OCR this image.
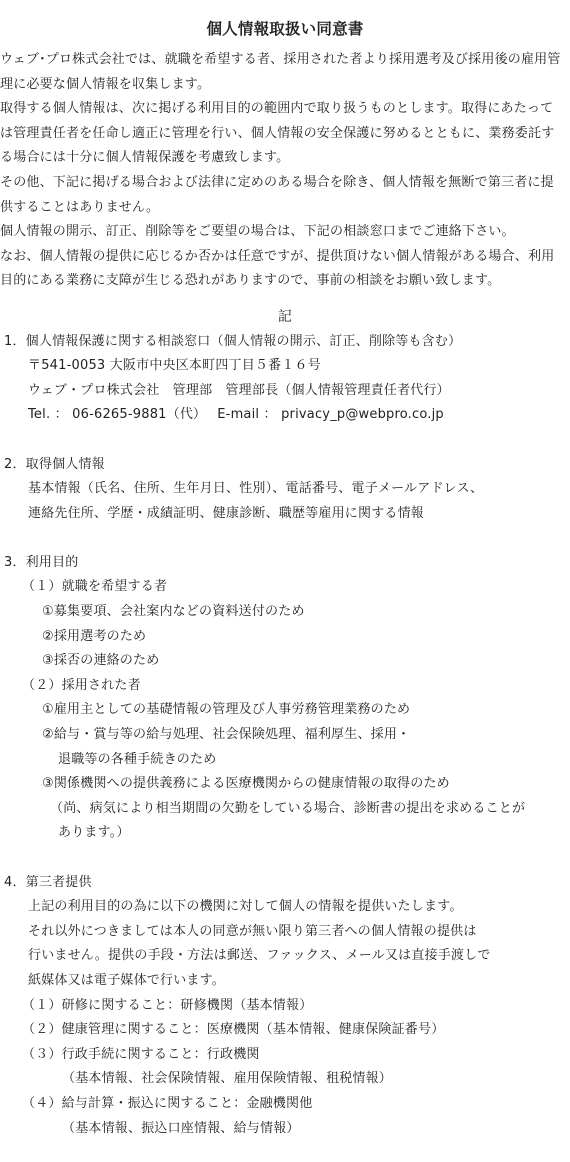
個人情報取扱い同意書

ウェブ･プロ株式会社では、就職を希望する者、採用された者より採用選考及び採用後の雇用管理に必要な個人情報を収集します。

取得する個人情報は、次に掲げる利用目的の範囲内で取り扱うものとします。取得にあたっては管理責任者を任命し適正に管理を行い、個人情報の安全保護に努めるとともに、業務委託する場合には十分に個人情報保護を考慮致します。

その他、下記に掲げる場合および法律に定めのある場合を除き、個人情報を無断で第三者に提供することはありません。

個人情報の開示、訂正、削除等をご要望の場合は、下記の相談窓口までご連絡下さい。

なお、個人情報の提供に応じるか否かは任意ですが、提供頂けない個人情報がある場合、利用目的にある業務に支障が生じる恐れがありますので、事前の相談をお願い致します。

記
1．個人情報保護に関する相談窓口（個人情報の開示、訂正、削除等も含む）
〒541-0053 大阪市中央区本町四丁目５番１６号
ウェブ・プロ株式会社　管理部　管理部長（個人情報管理責任者代行）
Tel. ： 06-6265-9881（代）　 E-mail ： privacy_p@webpro.co.jp
2．取得個人情報
基本情報（氏名、住所、生年月日、性別）、電話番号、電子メールアドレス、
連絡先住所、学歴・成績証明、健康診断、職歴等雇用に関する情報
3．利用目的
（１）就職を希望する者
①募集要項、会社案内などの資料送付のため
②採用選考のため
③採否の連絡のため
（２）採用された者
①雇用主としての基礎情報の管理及び人事労務管理業務のため
②給与・賞与等の給与処理、社会保険処理、福利厚生、採用・
退職等の各種手続きのため
③関係機関への提供義務による医療機関からの健康情報の取得のため
（尚、病気により相当期間の欠勤をしている場合、診断書の提出を求めることが
あります。）
4．第三者提供
上記の利用目的の為に以下の機関に対して個人の情報を提供いたします。
それ以外につきましては本人の同意が無い限り第三者への個人情報の提供は
行いません。提供の手段・方法は郵送、ファックス、メール又は直接手渡しで
紙媒体又は電子媒体で行います。
（１）研修に関すること：研修機関（基本情報）
（２）健康管理に関すること：医療機関（基本情報、健康保険証番号）
（３）行政手続に関すること：行政機関
（基本情報、社会保険情報、雇用保険情報、租税情報）
（４）給与計算・振込に関すること：金融機関他
（基本情報、振込口座情報、給与情報）
